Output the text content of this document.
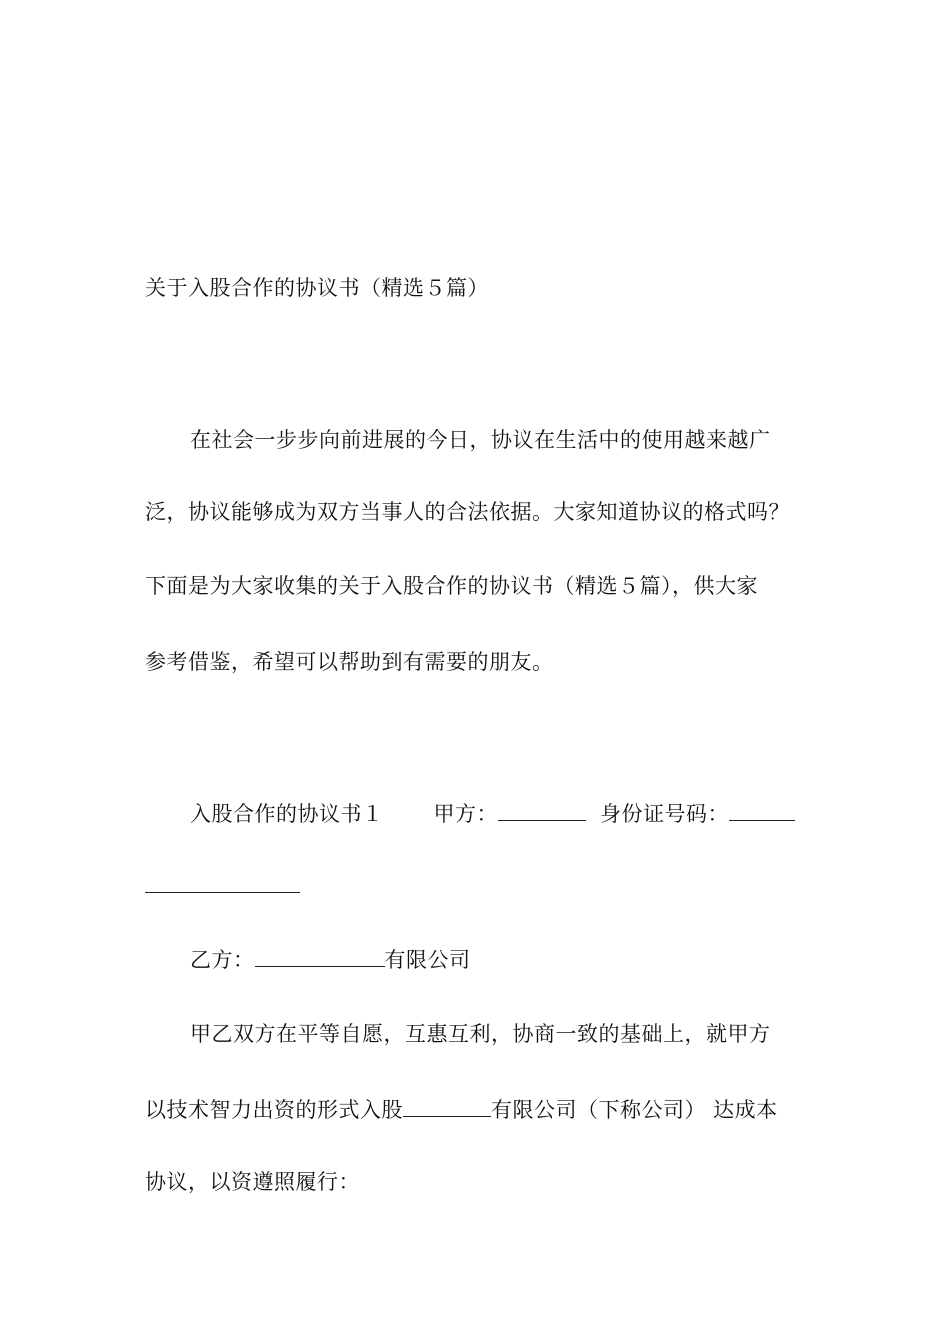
关于入股合作的协议书（精选５篇）
在社会一步步向前进展的今日，协议在生活中的使用越来越广
泛，协议能够成为双方当事人的合法依据。大家知道协议的格式吗？
下面是为大家收集的关于入股合作的协议书（精选５篇），供大家
参考借鉴，希望可以帮助到有需要的朋友。
入股合作的协议书１ 甲方：	身份证号码：
乙方：	有限公司
甲乙双方在平等自愿，互惠互利，协商一致的基础上，就甲方
以技术智力出资的形式入股	有限公司（下称公司） 达成本
协议，以资遵照履行：
